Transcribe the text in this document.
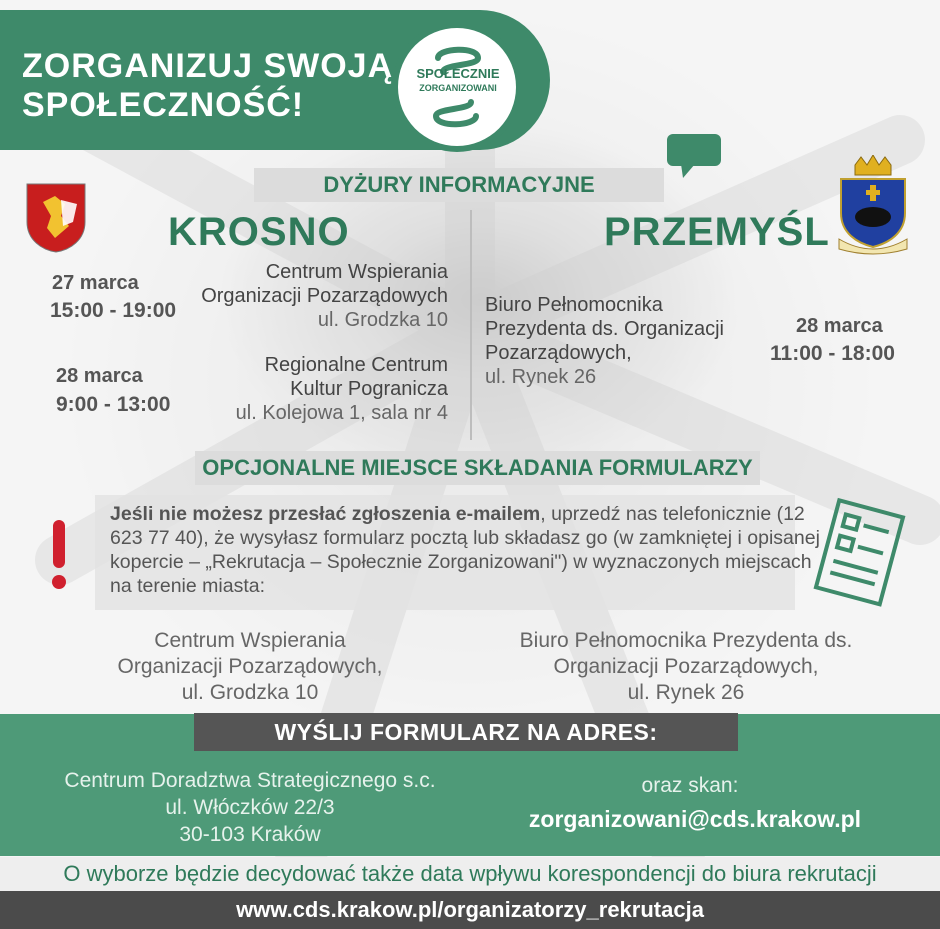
ZORGANIZUJ SWOJĄ
SPOŁECZNOŚĆ!
SPOŁECZNIE
ZORGANIZOWANI
DYŻURY INFORMACYJNE
KROSNO
27 marca
15:00 - 19:00
Centrum Wspierania
Organizacji Pozarządowych
ul. Grodzka 10
28 marca
9:00 - 13:00
Regionalne Centrum
Kultur Pogranicza
ul. Kolejowa 1, sala nr 4
PRZEMYŚL
Biuro Pełnomocnika
Prezydenta ds. Organizacji
Pozarządowych,
ul. Rynek 26
28 marca
11:00 - 18:00
OPCJONALNE MIEJSCE SKŁADANIA FORMULARZY
Jeśli nie możesz przesłać zgłoszenia e-mailem, uprzedź nas telefonicznie (12 623 77 40), że wysyłasz formularz pocztą lub składasz go (w zamkniętej i opisanej kopercie – „Rekrutacja – Społecznie Zorganizowani") w wyznaczonych miejscach na terenie miasta:
Centrum Wspierania
Organizacji Pozarządowych,
ul. Grodzka 10
Biuro Pełnomocnika Prezydenta ds.
Organizacji Pozarządowych,
ul. Rynek 26
WYŚLIJ FORMULARZ NA ADRES:
Centrum Doradztwa Strategicznego s.c.
ul. Włóczków 22/3
30-103 Kraków
oraz skan:
zorganizowani@cds.krakow.pl
O wyborze będzie decydować także data wpływu korespondencji do biura rekrutacji
www.cds.krakow.pl/organizatorzy_rekrutacja
